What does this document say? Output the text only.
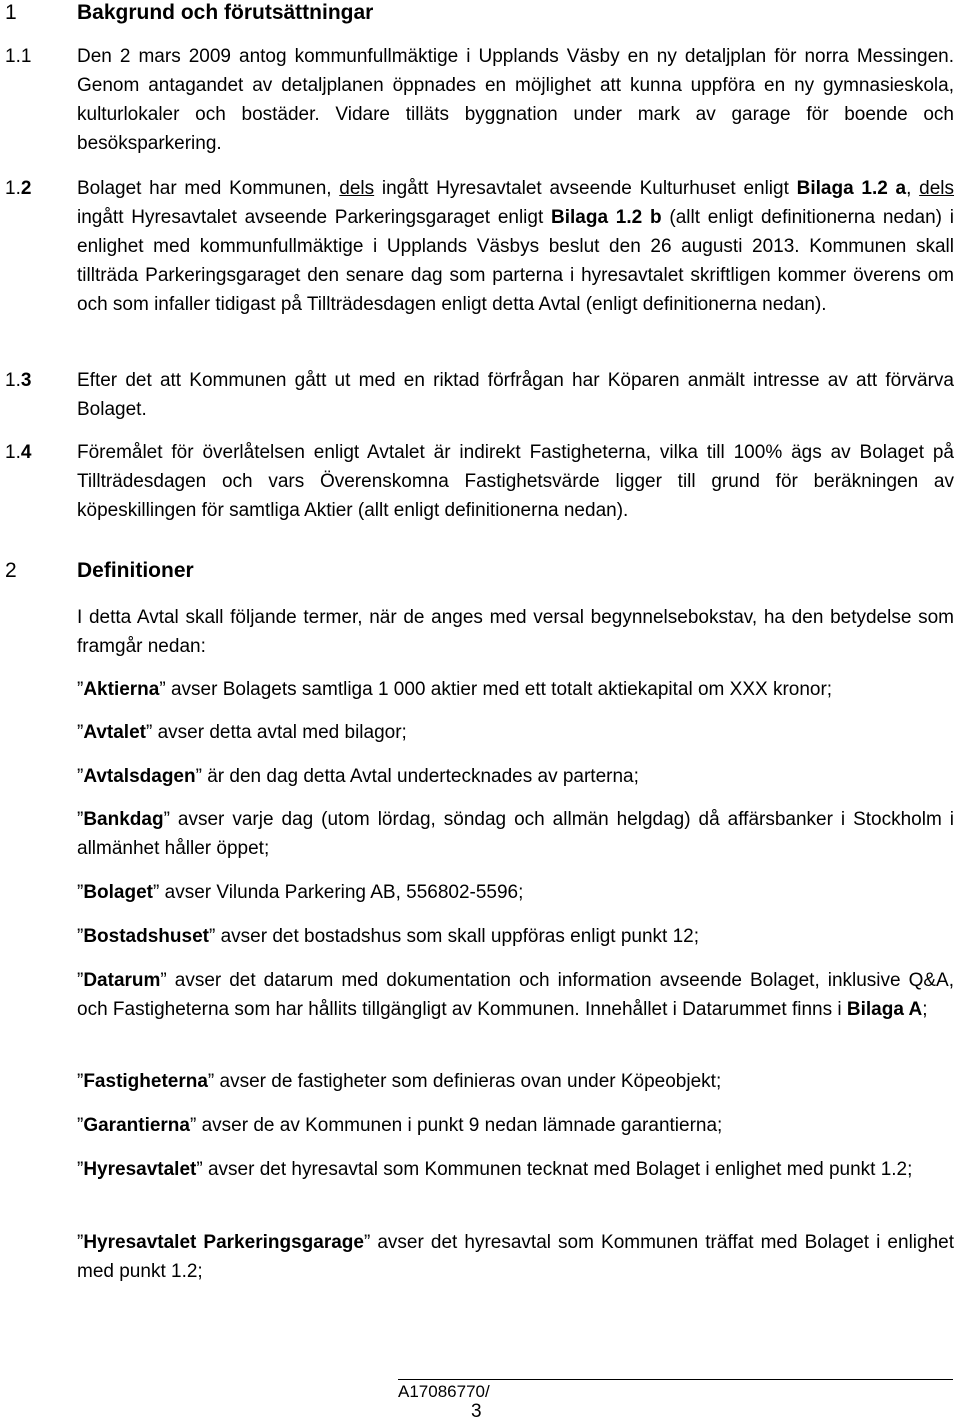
1	Bakgrund och förutsättningar
1.1 Den 2 mars 2009 antog kommunfullmäktige i Upplands Väsby en ny detaljplan för norra Messingen. Genom antagandet av detaljplanen öppnades en möjlighet att kunna uppföra en ny gymnasieskola, kulturlokaler och bostäder. Vidare tilläts byggnation under mark av garage för boende och besöksparkering.
1.2 Bolaget har med Kommunen, dels ingått Hyresavtalet avseende Kulturhuset enligt Bilaga 1.2 a, dels ingått Hyresavtalet avseende Parkeringsgaraget enligt Bilaga 1.2 b (allt enligt definitionerna nedan) i enlighet med kommunfullmäktige i Upplands Väsbys beslut den 26 augusti 2013. Kommunen skall tillträda Parkeringsgaraget den senare dag som parterna i hyresavtalet skriftligen kommer överens om och som infaller tidigast på Tillträdesdagen enligt detta Avtal (enligt definitionerna nedan).
1.3 Efter det att Kommunen gått ut med en riktad förfrågan har Köparen anmält intresse av att förvärva Bolaget.
1.4 Föremålet för överlåtelsen enligt Avtalet är indirekt Fastigheterna, vilka till 100% ägs av Bolaget på Tillträdesdagen och vars Överenskomna Fastighetsvärde ligger till grund för beräkningen av köpeskillingen för samtliga Aktier (allt enligt definitionerna nedan).
2	Definitioner
I detta Avtal skall följande termer, när de anges med versal begynnelsebokstav, ha den betydelse som framgår nedan:
”Aktierna” avser Bolagets samtliga 1 000 aktier med ett totalt aktiekapital om XXX kronor;
”Avtalet” avser detta avtal med bilagor;
”Avtalsdagen” är den dag detta Avtal undertecknades av parterna;
”Bankdag” avser varje dag (utom lördag, söndag och allmän helgdag) då affärsbanker i Stockholm i allmänhet håller öppet;
”Bolaget” avser Vilunda Parkering AB, 556802-5596;
”Bostadshuset” avser det bostadshus som skall uppföras enligt punkt 12;
”Datarum” avser det datarum med dokumentation och information avseende Bolaget, inklusive Q&A, och Fastigheterna som har hållits tillgängligt av Kommunen. Innehållet i Datarummet finns i Bilaga A;
”Fastigheterna” avser de fastigheter som definieras ovan under Köpeobjekt;
”Garantierna” avser de av Kommunen i punkt 9 nedan lämnade garantierna;
”Hyresavtalet” avser det hyresavtal som Kommunen tecknat med Bolaget i enlighet med punkt 1.2;
”Hyresavtalet Parkeringsgarage” avser det hyresavtal som Kommunen träffat med Bolaget i enlighet med punkt 1.2;
A17086770/
3
